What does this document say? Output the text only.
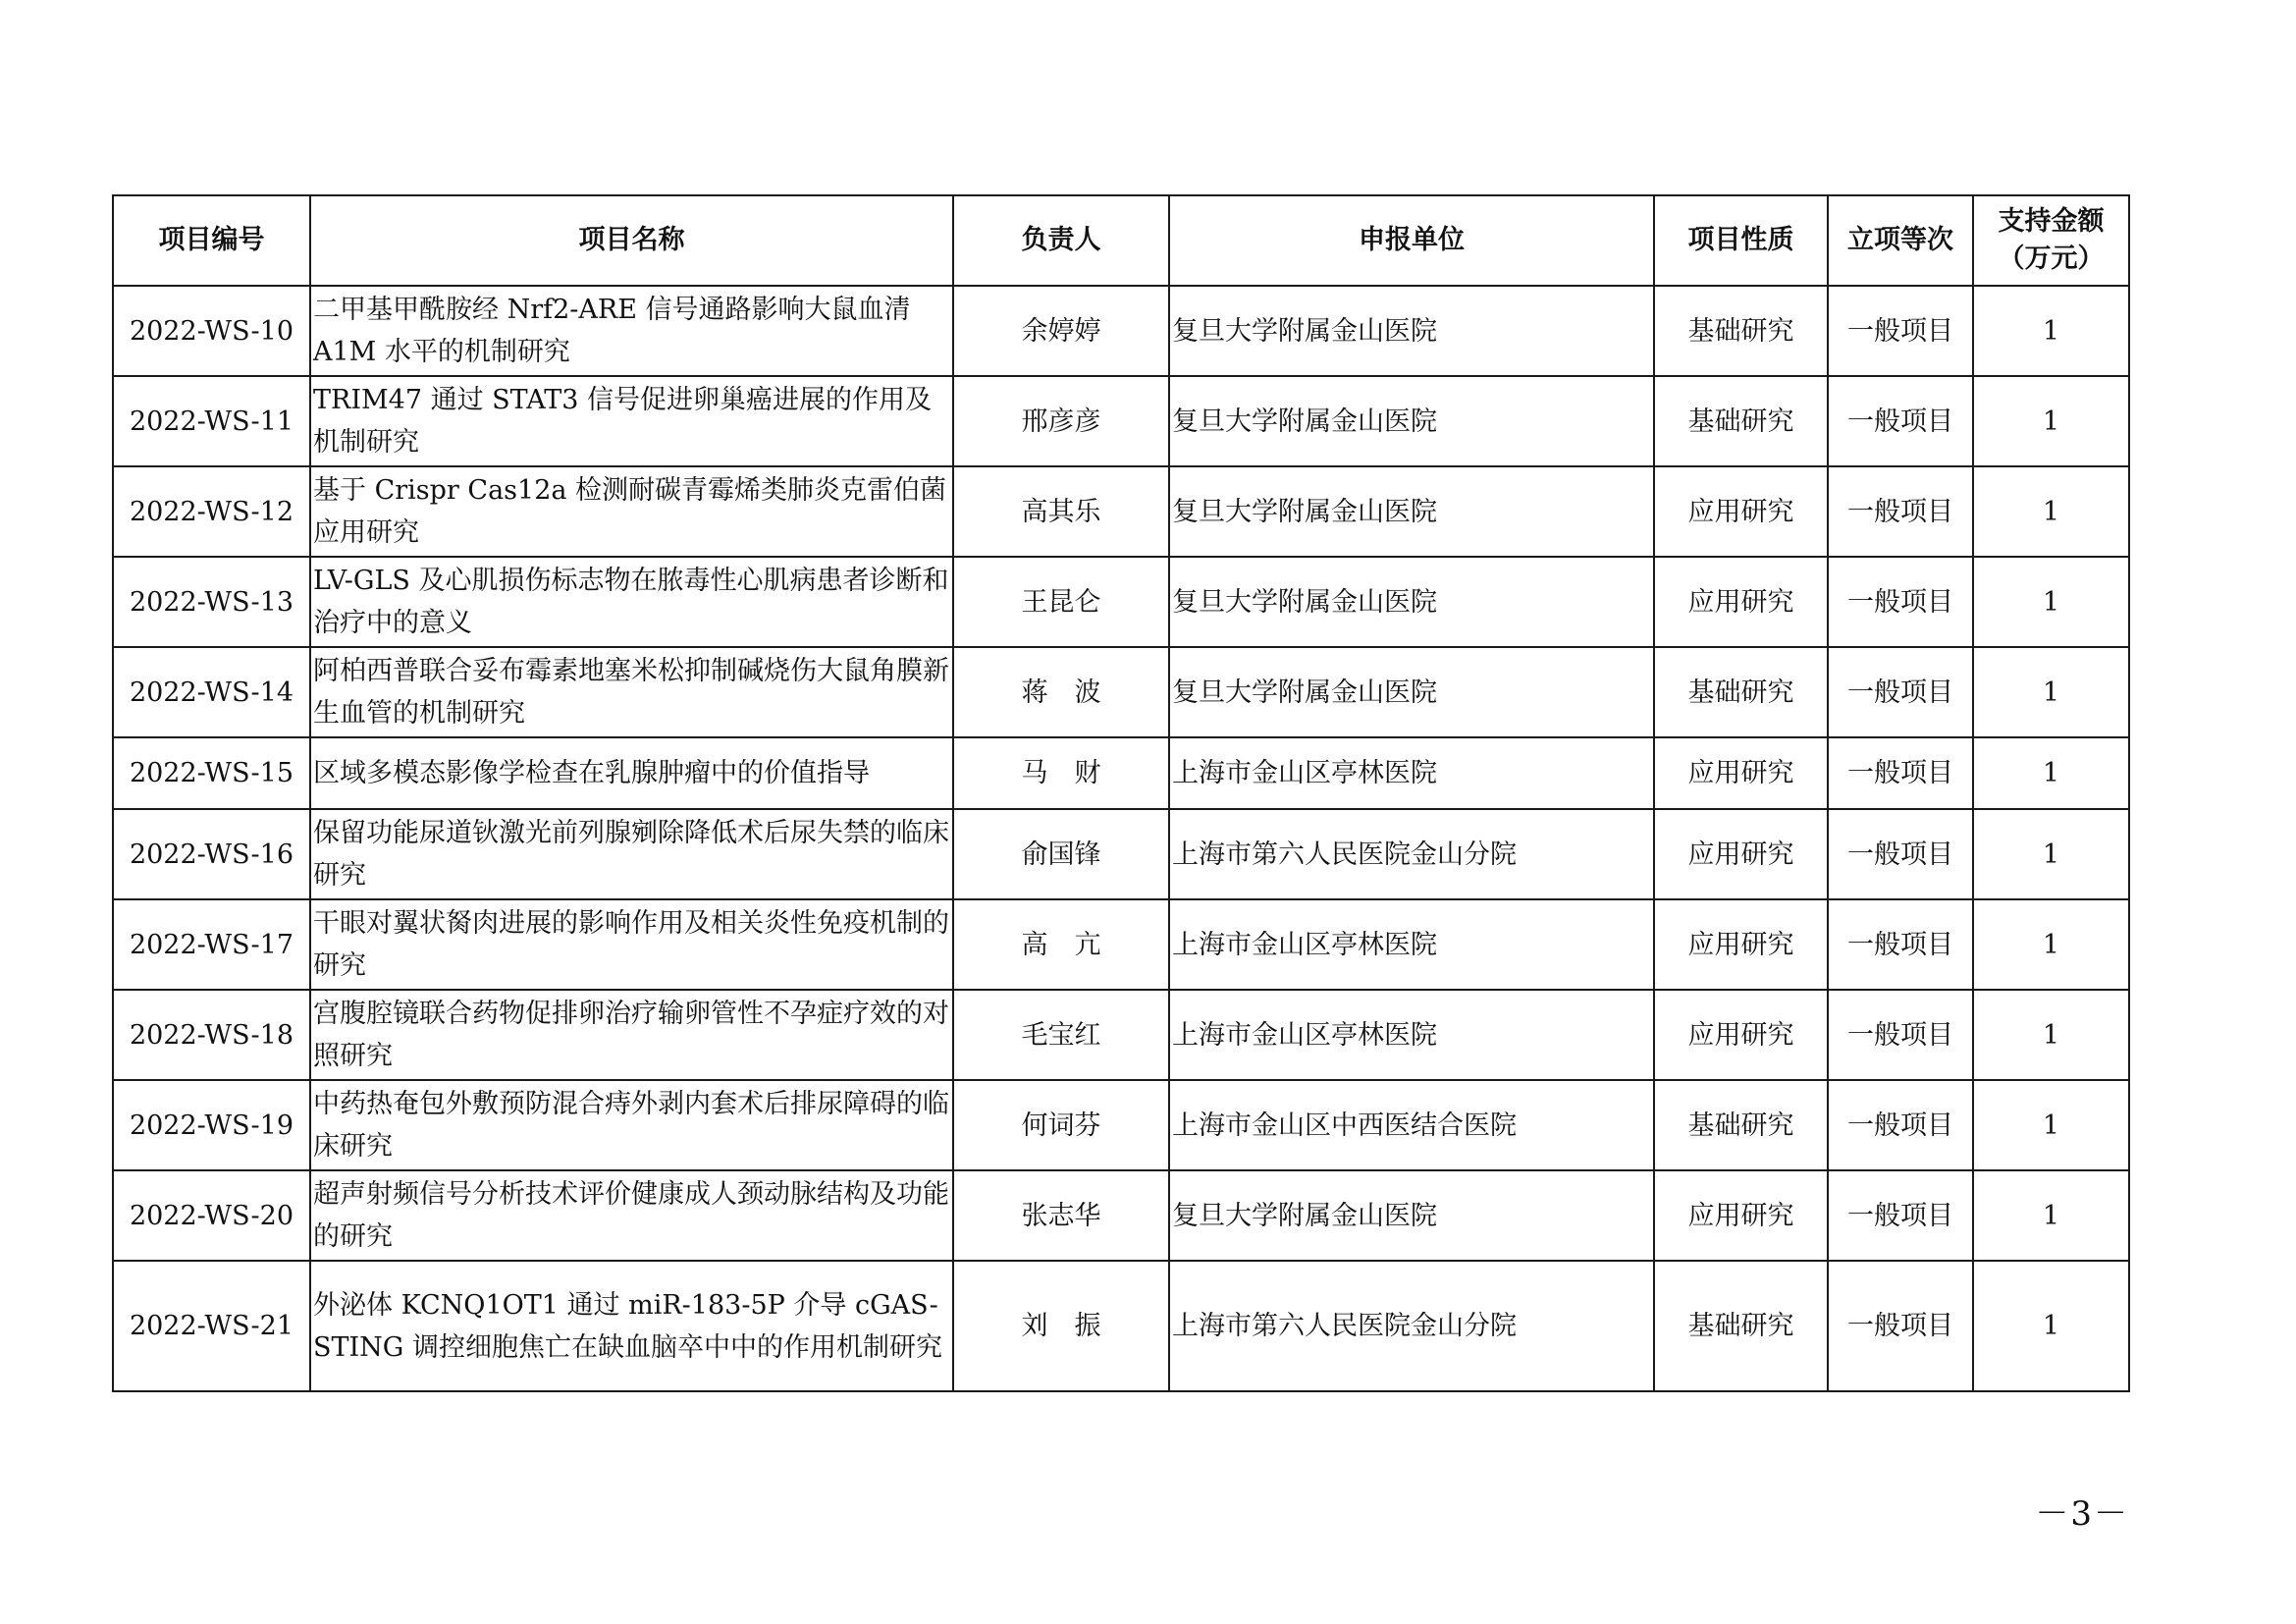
项目编号	项目名称	负责人	申报单位	项目性质	立项等次	支持金额
（万元）
2022-WS-10	二甲基甲酰胺经 Nrf2-ARE 信号通路影响大鼠血清 A1M 水平的机制研究	余婷婷	复旦大学附属金山医院	基础研究	一般项目	1
2022-WS-11	TRIM47 通过 STAT3 信号促进卵巢癌进展的作用及机制研究	邢彦彦	复旦大学附属金山医院	基础研究	一般项目	1
2022-WS-12	基于 Crispr Cas12a 检测耐碳青霉烯类肺炎克雷伯菌应用研究	高其乐	复旦大学附属金山医院	应用研究	一般项目	1
2022-WS-13	LV-GLS 及心肌损伤标志物在脓毒性心肌病患者诊断和治疗中的意义	王昆仑	复旦大学附属金山医院	应用研究	一般项目	1
2022-WS-14	阿柏西普联合妥布霉素地塞米松抑制碱烧伤大鼠角膜新生血管的机制研究	蒋　波	复旦大学附属金山医院	基础研究	一般项目	1
2022-WS-15	区域多模态影像学检查在乳腺肿瘤中的价值指导	马　财	上海市金山区亭林医院	应用研究	一般项目	1
2022-WS-16	保留功能尿道钬激光前列腺剜除降低术后尿失禁的临床研究	俞国锋	上海市第六人民医院金山分院	应用研究	一般项目	1
2022-WS-17	干眼对翼状胬肉进展的影响作用及相关炎性免疫机制的研究	高　亢	上海市金山区亭林医院	应用研究	一般项目	1
2022-WS-18	宫腹腔镜联合药物促排卵治疗输卵管性不孕症疗效的对照研究	毛宝红	上海市金山区亭林医院	应用研究	一般项目	1
2022-WS-19	中药热奄包外敷预防混合痔外剥内套术后排尿障碍的临床研究	何词芬	上海市金山区中西医结合医院	基础研究	一般项目	1
2022-WS-20	超声射频信号分析技术评价健康成人颈动脉结构及功能的研究	张志华	复旦大学附属金山医院	应用研究	一般项目	1
2022-WS-21	外泌体 KCNQ1OT1 通过 miR-183-5P 介导 cGAS-STING 调控细胞焦亡在缺血脑卒中中的作用机制研究	刘　振	上海市第六人民医院金山分院	基础研究	一般项目	1
－3－
